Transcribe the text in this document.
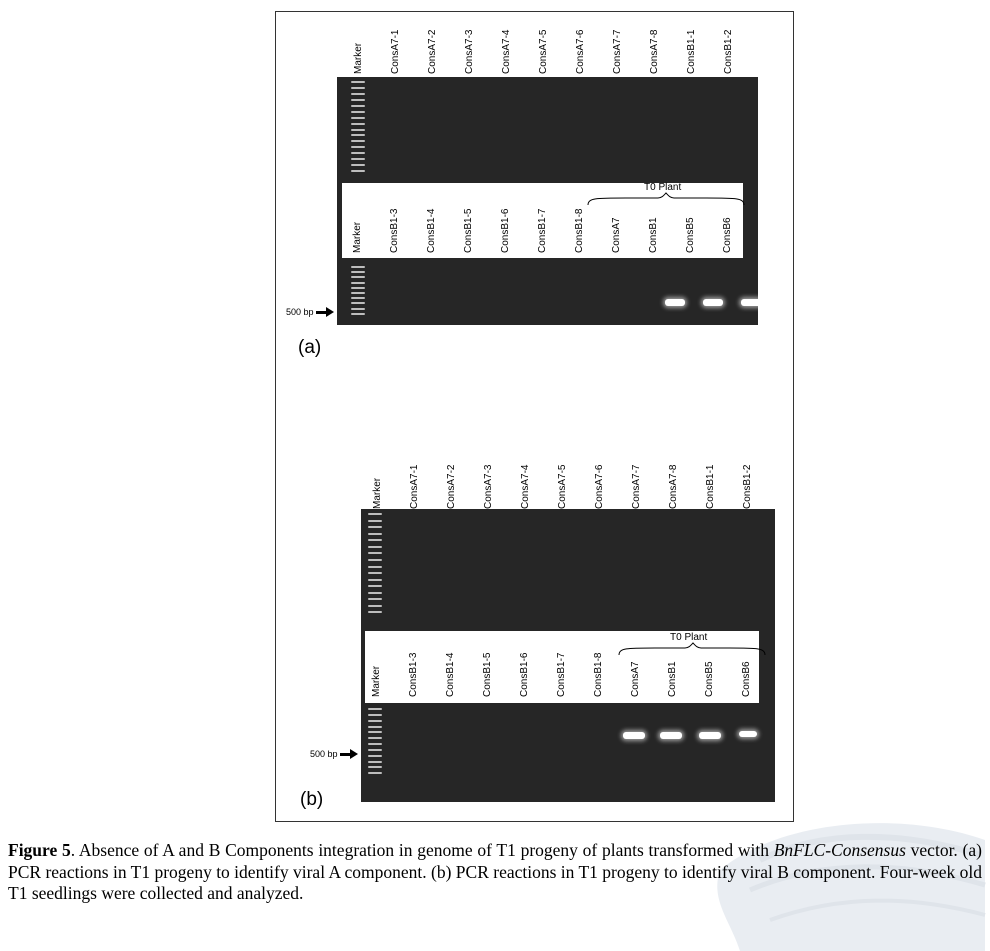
Marker	ConsA7-1	ConsA7-2	ConsA7-3	ConsA7-4	ConsA7-5	ConsA7-6	ConsA7-7	ConsA7-8	ConsB1-1	ConsB1-2
Marker	ConsB1-3	ConsB1-4	ConsB1-5	ConsB1-6	ConsB1-7	ConsB1-8	ConsA7	ConsB1	ConsB5	ConsB6
T0 Plant
500 bp
(a)
Marker	ConsA7-1	ConsA7-2	ConsA7-3	ConsA7-4	ConsA7-5	ConsA7-6	ConsA7-7	ConsA7-8	ConsB1-1	ConsB1-2
Marker	ConsB1-3	ConsB1-4	ConsB1-5	ConsB1-6	ConsB1-7	ConsB1-8	ConsA7	ConsB1	ConsB5	ConsB6
T0 Plant
500 bp
(b)
Figure 5. Absence of A and B Components integration in genome of T1 progeny of plants transformed with BnFLC-Consensus vector. (a) PCR reactions in T1 progeny to identify viral A component. (b) PCR reactions in T1 progeny to identify viral B component. Four-week old T1 seedlings were collected and analyzed.
